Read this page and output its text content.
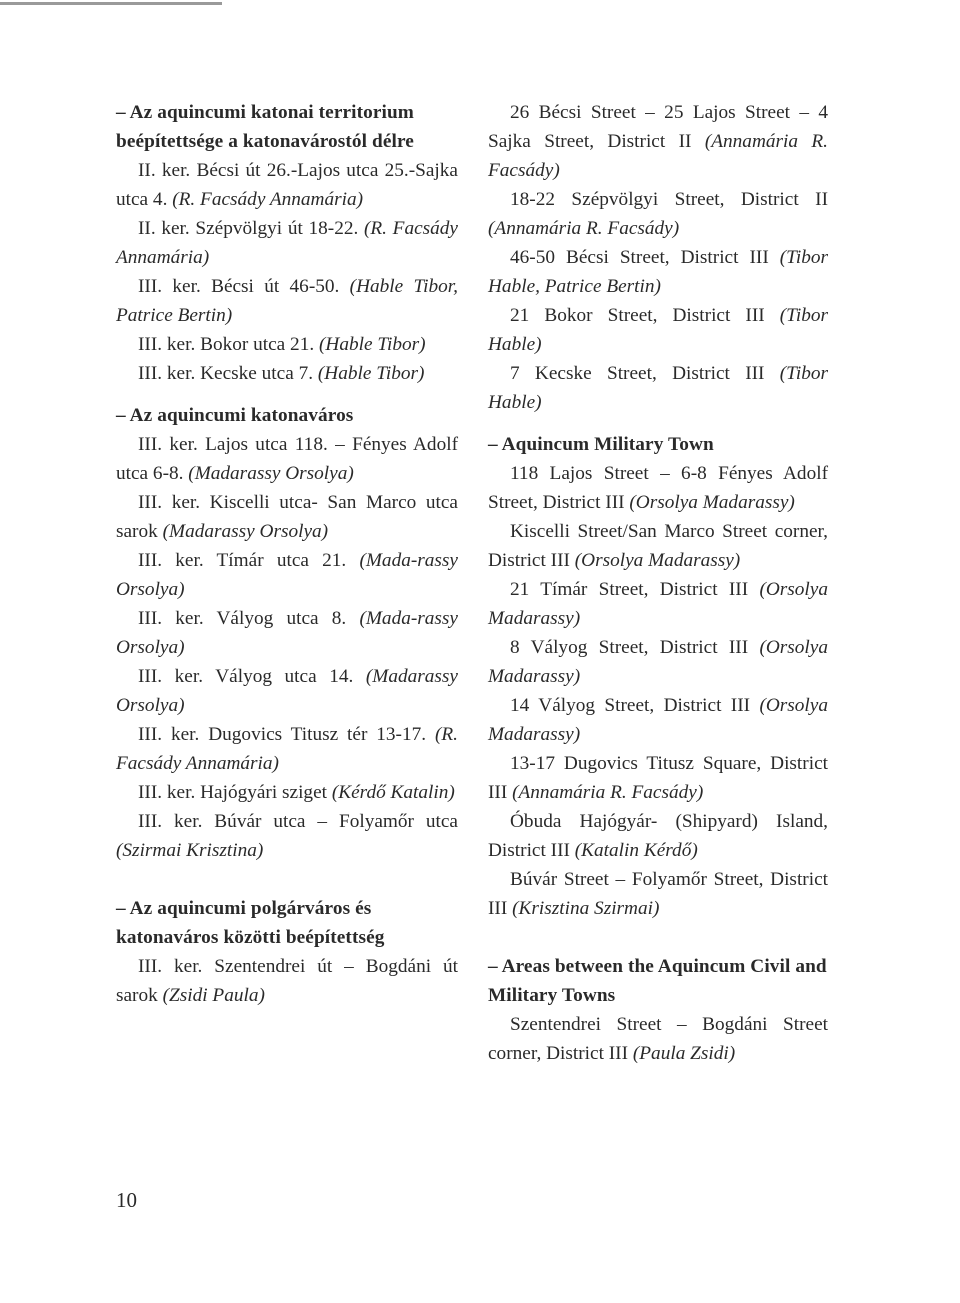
– Az aquincumi katonai territorium beépítettsége a katonavárostól délre
II. ker. Bécsi út 26.-Lajos utca 25.-Sajka utca 4. (R. Facsády Annamária)
II. ker. Szépvölgyi út 18-22. (R. Facsády Annamária)
III. ker. Bécsi út 46-50. (Hable Tibor, Patrice Bertin)
III. ker. Bokor utca 21. (Hable Tibor)
III. ker. Kecske utca 7. (Hable Tibor)
– Az aquincumi katonaváros
III. ker. Lajos utca 118. – Fényes Adolf utca 6-8. (Madarassy Orsolya)
III. ker. Kiscelli utca- San Marco utca sarok (Madarassy Orsolya)
III. ker. Tímár utca 21. (Mada-rassy Orsolya)
III. ker. Vályog utca 8. (Mada-rassy Orsolya)
III. ker. Vályog utca 14. (Madarassy Orsolya)
III. ker. Dugovics Titusz tér 13-17. (R. Facsády Annamária)
III. ker. Hajógyári sziget (Kérdő Katalin)
III. ker. Búvár utca – Folyamőr utca (Szirmai Krisztina)
– Az aquincumi polgárváros és katonaváros közötti beépítettség
III. ker. Szentendrei út – Bogdáni út sarok (Zsidi Paula)
26 Bécsi Street – 25 Lajos Street – 4 Sajka Street, District II (Annamária R. Facsády)
18-22 Szépvölgyi Street, District II (Annamária R. Facsády)
46-50 Bécsi Street, District III (Tibor Hable, Patrice Bertin)
21 Bokor Street, District III (Tibor Hable)
7 Kecske Street, District III (Tibor Hable)
– Aquincum Military Town
118 Lajos Street – 6-8 Fényes Adolf Street, District III (Orsolya Madarassy)
Kiscelli Street/San Marco Street corner, District III (Orsolya Madarassy)
21 Tímár Street, District III (Orsolya Madarassy)
8 Vályog Street, District III (Orsolya Madarassy)
14 Vályog Street, District III (Orsolya Madarassy)
13-17 Dugovics Titusz Square, District III (Annamária R. Facsády)
Óbuda Hajógyár- (Shipyard) Island, District III (Katalin Kérdő)
Búvár Street – Folyamőr Street, District III (Krisztina Szirmai)
– Areas between the Aquincum Civil and Military Towns
Szentendrei Street – Bogdáni Street corner, District III (Paula Zsidi)
10
